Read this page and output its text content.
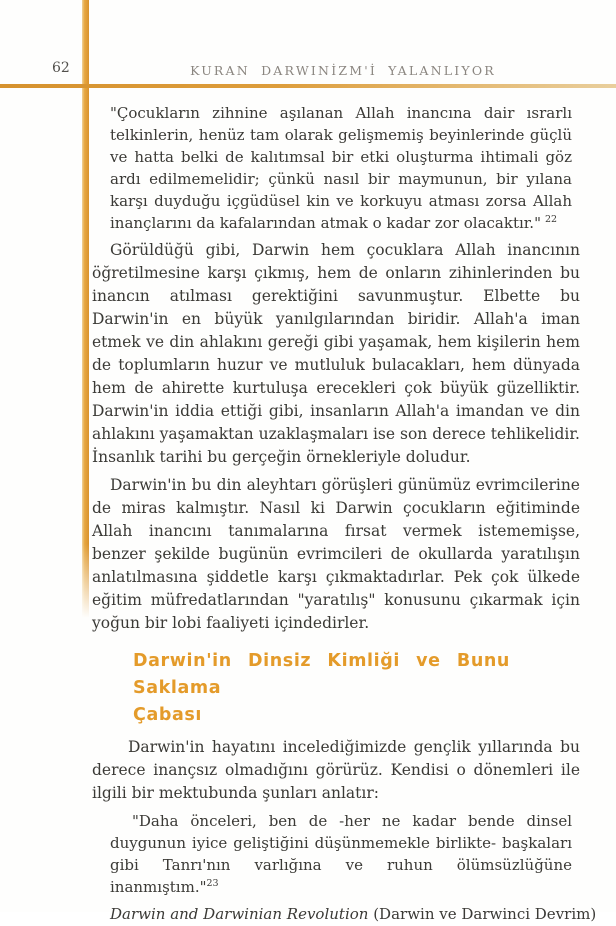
62	KURAN DARWINİZM'İ YALANLIYOR

"Çocukların zihnine aşılanan Allah inancına dair ısrarlı telkinlerin, henüz tam olarak gelişmemiş beyinlerinde güçlü ve hatta belki de kalıtımsal bir etki oluşturma ihtimali göz ardı edilmemelidir; çünkü nasıl bir maymunun, bir yılana karşı duyduğu içgüdüsel kin ve korkuyu atması zorsa Allah inançlarını da kafalarından atmak o kadar zor olacaktır." $^{22}$

Görüldüğü gibi, Darwin hem çocuklara Allah inancının öğretilmesine karşı çıkmış, hem de onların zihinlerinden bu inancın atılması gerektiğini savunmuştur. Elbette bu Darwin'in en büyük yanılgılarından biridir. Allah'a iman etmek ve din ahlakını gereği gibi yaşamak, hem kişilerin hem de toplumların huzur ve mutluluk bulacakları, hem dünyada hem de ahirette kurtuluşa erecekleri çok büyük güzelliktir. Darwin'in iddia ettiği gibi, insanların Allah'a imandan ve din ahlakını yaşamaktan uzaklaşmaları ise son derece tehlikelidir. İnsanlık tarihi bu gerçeğin örnekleriyle doludur.

Darwin'in bu din aleyhtarı görüşleri günümüz evrimcilerine de miras kalmıştır. Nasıl ki Darwin çocukların eğitiminde Allah inancını tanımalarına fırsat vermek istememişse, benzer şekilde bugünün evrimcileri de okullarda yaratılışın anlatılmasına şiddetle karşı çıkmaktadırlar. Pek çok ülkede eğitim müfredatlarından "yaratılış" konusunu çıkarmak için yoğun bir lobi faaliyeti içindedirler.

Darwin'in Dinsiz Kimliği ve Bunu Saklama
Çabası

Darwin'in hayatını incelediğimizde gençlik yıllarında bu derece inançsız olmadığını görürüz. Kendisi o dönemleri ile ilgili bir mektubunda şunları anlatır:

"Daha önceleri, ben de -her ne kadar bende dinsel duygunun iyice geliştiğini düşünmemekle birlikte- başkaları gibi Tanrı'nın varlığına ve ruhun ölümsüzlüğüne inanmıştım."$^{23}$

Darwin and Darwinian Revolution (Darwin ve Darwinci Devrim)
